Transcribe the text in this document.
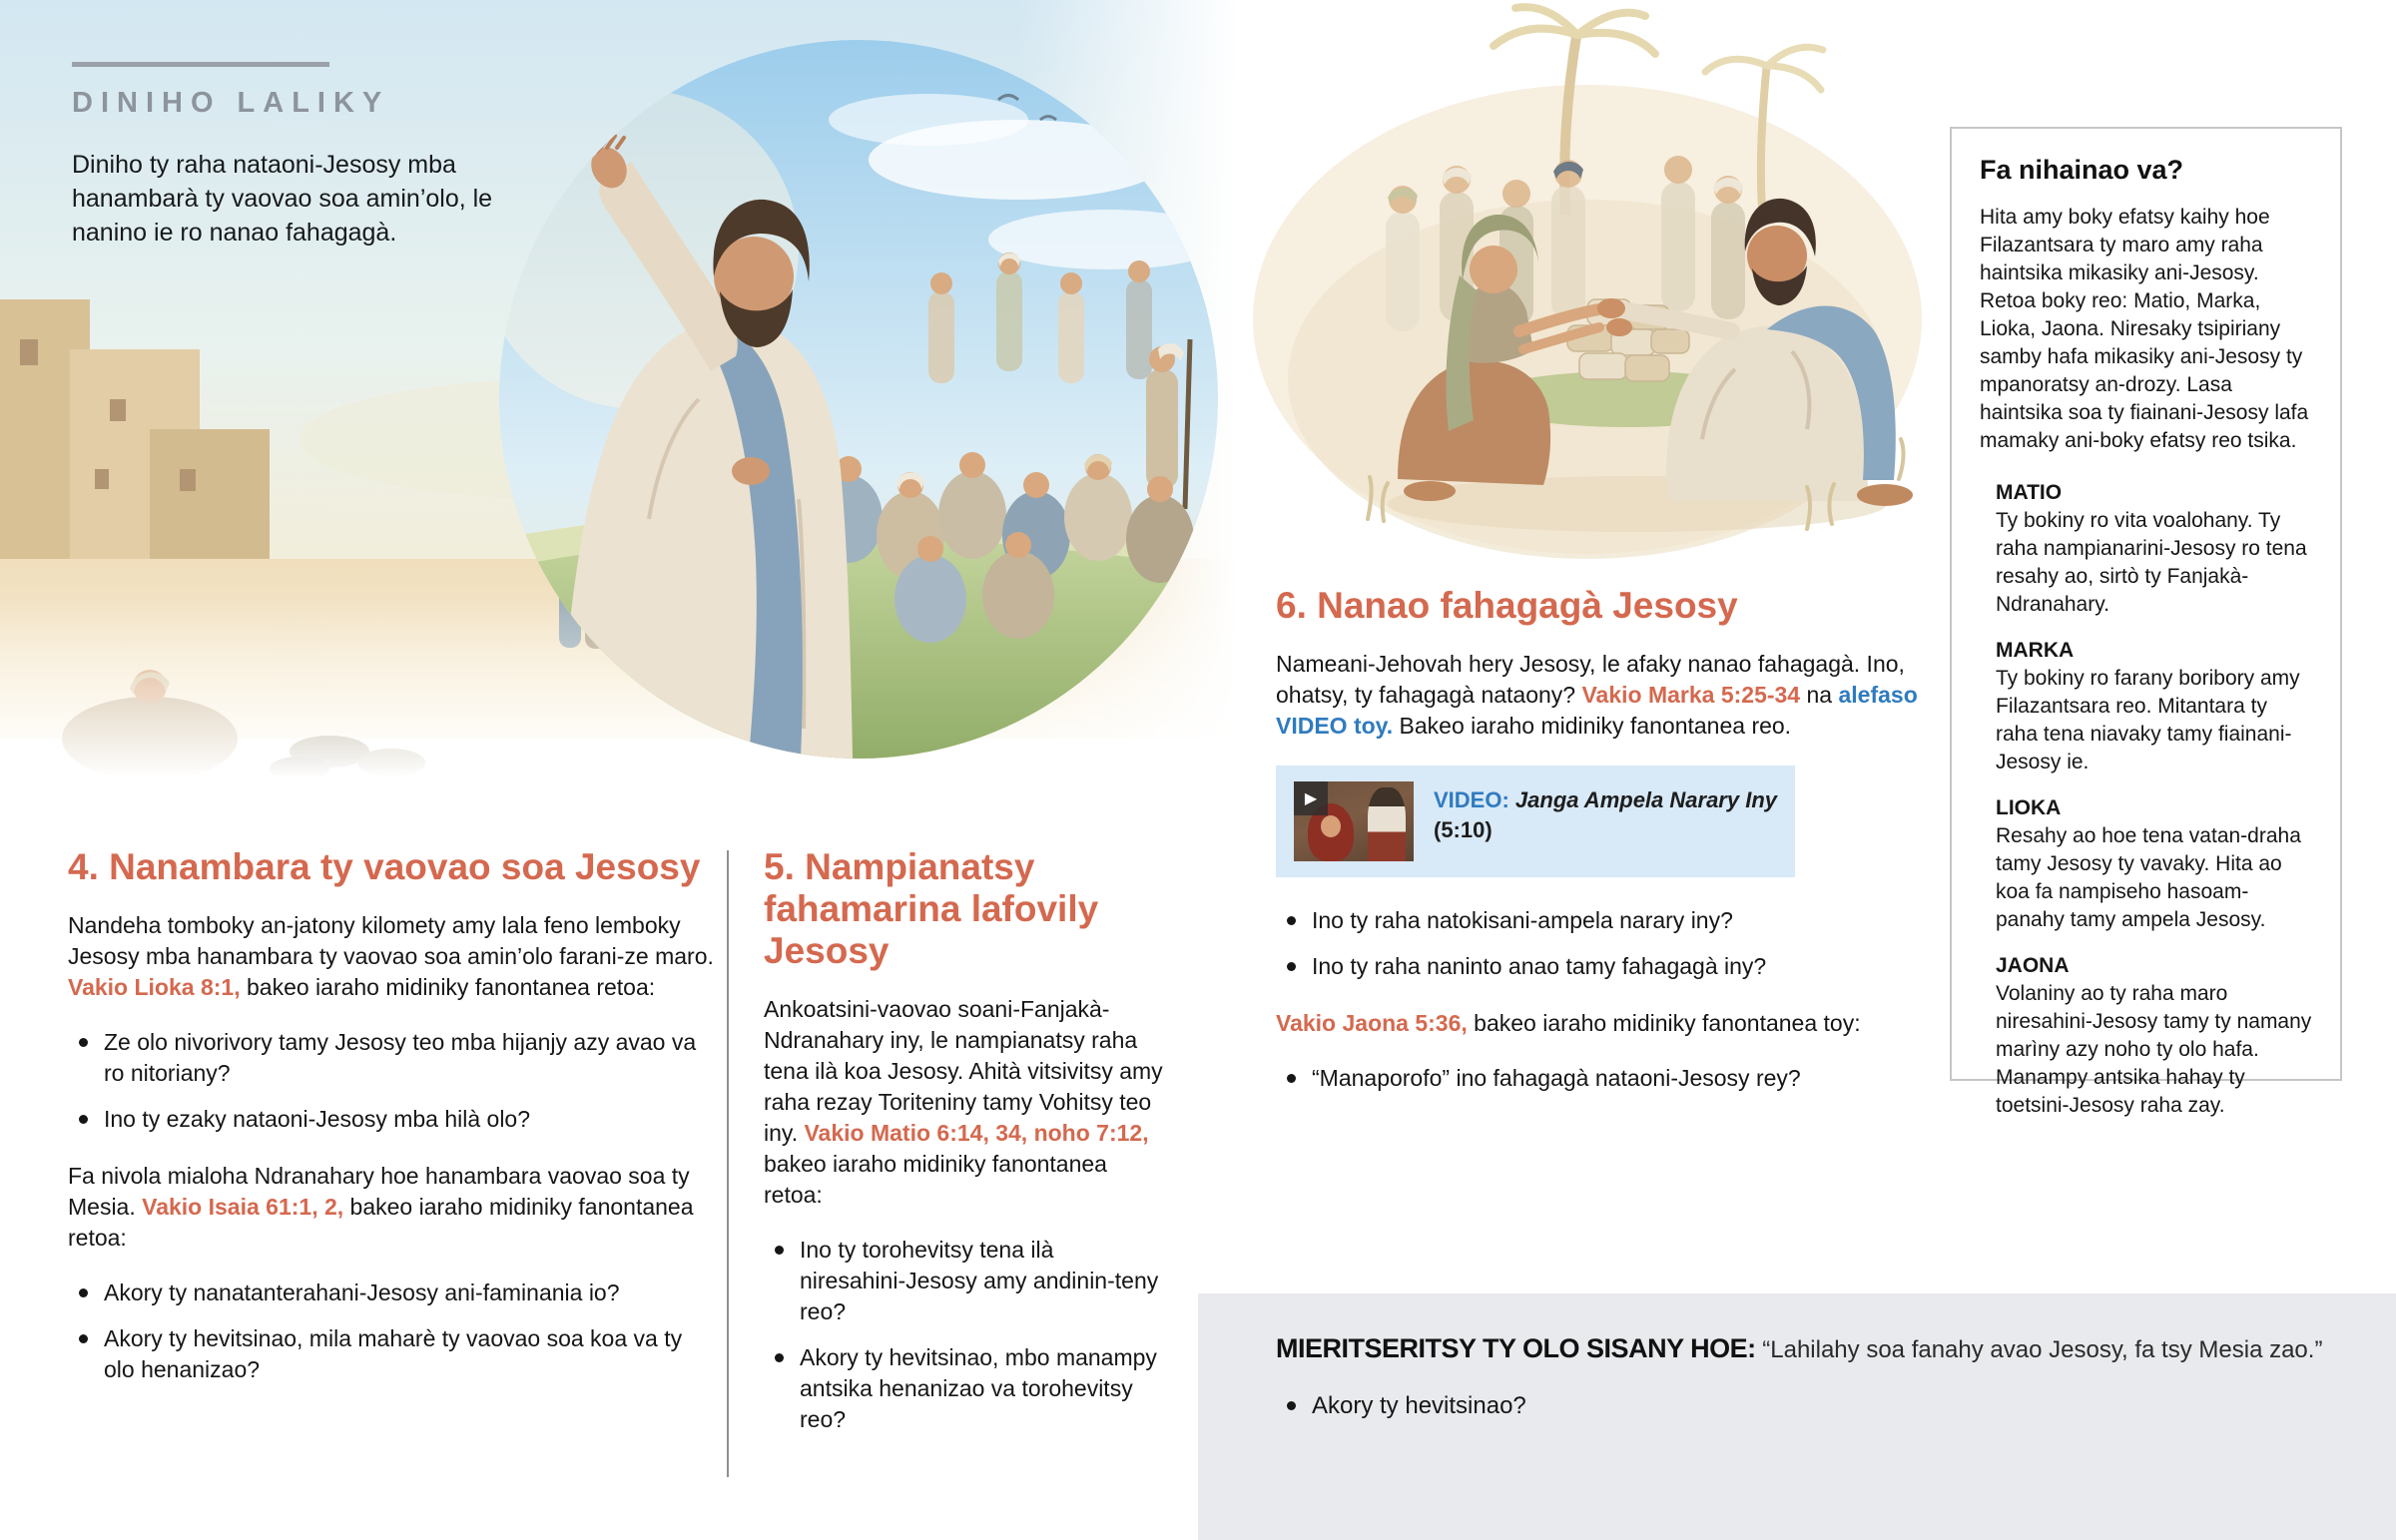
DINIHO LALIKY

Diniho ty raha nataoni-Jesosy mba hanambarà ty vaovao soa amin’olo, le nanino ie ro nanao fahagagà.

4. Nanambara ty vaovao soa Jesosy

Nandeha tomboky an-jatony kilomety amy lala feno lemboky Jesosy mba hanambara ty vaovao soa amin’olo farani-ze maro. Vakio Lioka 8:1, bakeo iaraho midiniky fanontanea retoa:

Ze olo nivorivory tamy Jesosy teo mba hijanjy azy avao va ro nitoriany?
Ino ty ezaky nataoni-Jesosy mba hilà olo?

Fa nivola mialoha Ndranahary hoe hanambara vaovao soa ty Mesia. Vakio Isaia 61:1, 2, bakeo iaraho midiniky fanontanea retoa:

Akory ty nanatanterahani-Jesosy ani-faminania io?
Akory ty hevitsinao, mila maharè ty vaovao soa koa va ty olo henanizao?
5. Nampianatsy fahamarina lafovily Jesosy

Ankoatsini-vaovao soani-Fanjakà-Ndranahary iny, le nampianatsy raha tena ilà koa Jesosy. Ahità vitsivitsy amy raha rezay Toriteniny tamy Vohitsy teo iny. Vakio Matio 6:14, 34, noho 7:12, bakeo iaraho midiniky fanontanea retoa:

Ino ty torohevitsy tena ilà niresahini-Jesosy amy andinin-teny reo?
Akory ty hevitsinao, mbo manampy antsika henanizao va torohevitsy reo?
6. Nanao fahagagà Jesosy

Nameani-Jehovah hery Jesosy, le afaky nanao fahagagà. Ino, ohatsy, ty fahagagà nataony? Vakio Marka 5:25-34 na alefaso VIDEO toy. Bakeo iaraho midiniky fanontanea reo.

▶	VIDEO: Janga Ampela Narary Iny
(5:10)
Ino ty raha natokisani-ampela narary iny?
Ino ty raha naninto anao tamy fahagagà iny?

Vakio Jaona 5:36, bakeo iaraho midiniky fanontanea toy:

“Manaporofo” ino fahagagà nataoni-Jesosy rey?
Fa nihainao va?

Hita amy boky efatsy kaihy hoe Filazantsara ty maro amy raha haintsika mikasiky ani-Jesosy. Retoa boky reo: Matio, Marka, Lioka, Jaona. Niresaky tsipiriany samby hafa mikasiky ani-Jesosy ty mpanoratsy an-drozy. Lasa haintsika soa ty fiainani-Jesosy lafa mamaky ani-boky efatsy reo tsika.

MATIO

Ty bokiny ro vita voalohany. Ty raha nampianarini-Jesosy ro tena resahy ao, sirtò ty Fanjakà-Ndranahary.

MARKA

Ty bokiny ro farany boribory amy Filazantsara reo. Mitantara ty raha tena niavaky tamy fiainani-Jesosy ie.

LIOKA

Resahy ao hoe tena vatan-draha tamy Jesosy ty vavaky. Hita ao koa fa nampiseho hasoam-panahy tamy ampela Jesosy.

JAONA

Volaniny ao ty raha maro niresahini-Jesosy tamy ty namany marìny azy noho ty olo hafa. Manampy antsika hahay ty toetsini-Jesosy raha zay.

MIERITSERITSY TY OLO SISANY HOE: “Lahilahy soa fanahy avao Jesosy, fa tsy Mesia zao.”

Akory ty hevitsinao?
